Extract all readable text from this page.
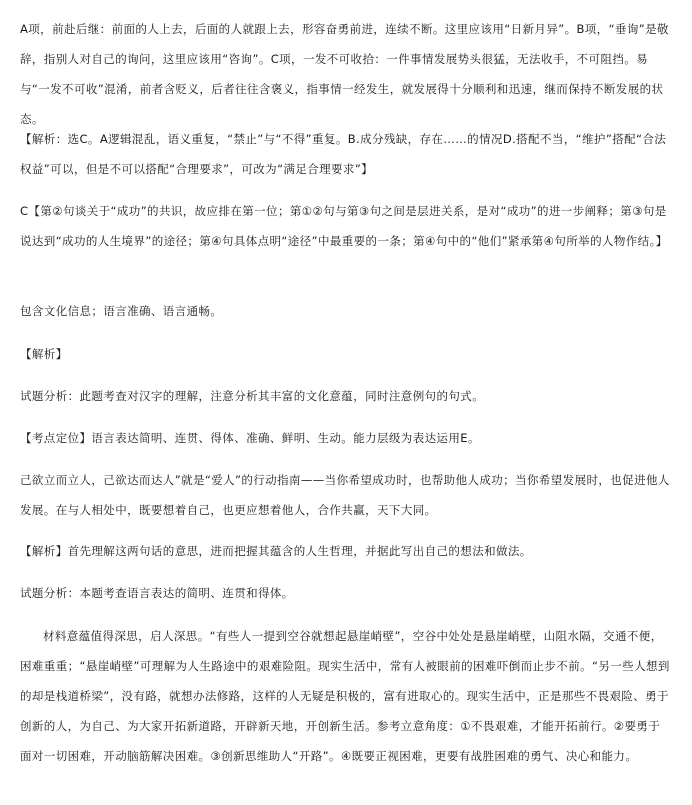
A项，前赴后继：前面的人上去，后面的人就跟上去，形容奋勇前进，连续不断。这里应该用“日新月异”。B项，“垂询”是敬辞，指别人对自己的询问，这里应该用“咨询”。C项，一发不可收拾：一件事情发展势头很猛，无法收手，不可阻挡。易与“一发不可收”混淆，前者含贬义，后者往往含褒义，指事情一经发生，就发展得十分顺利和迅速，继而保持不断发展的状态。
【解析：选C。A逻辑混乱，语义重复，“禁止”与“不得”重复。B.成分残缺，存在……的情况D.搭配不当，“维护”搭配“合法权益”可以，但是不可以搭配“合理要求”，可改为“满足合理要求”】
C【第②句谈关于“成功”的共识，故应排在第一位；第①②句与第③句之间是层进关系，是对“成功”的进一步阐释；第③句是说达到“成功的人生境界”的途径；第④句具体点明“途径”中最重要的一条；第④句中的“他们”紧承第④句所举的人物作结。】
包含文化信息；语言准确、语言通畅。
【解析】
试题分析：此题考查对汉字的理解，注意分析其丰富的文化意蕴，同时注意例句的句式。
【考点定位】语言表达简明、连贯、得体、准确、鲜明、生动。能力层级为表达运用E。
己欲立而立人，己欲达而达人”就是“爱人”的行动指南——当你希望成功时，也帮助他人成功；当你希望发展时，也促进他人发展。在与人相处中，既要想着自己，也更应想着他人，合作共赢，天下大同。
【解析】首先理解这两句话的意思，进而把握其蕴含的人生哲理，并据此写出自己的想法和做法。
试题分析：本题考查语言表达的简明、连贯和得体。
材料意蕴值得深思，启人深思。“有些人一提到空谷就想起悬崖峭壁”，空谷中处处是悬崖峭壁，山阻水隔，交通不便，困难重重；“悬崖峭壁”可理解为人生路途中的艰难险阻。现实生活中，常有人被眼前的困难吓倒而止步不前。“另一些人想到的却是栈道桥梁”，没有路，就想办法修路，这样的人无疑是积极的，富有进取心的。现实生活中，正是那些不畏艰险、勇于创新的人，为自己、为大家开拓新道路，开辟新天地，开创新生活。参考立意角度：①不畏艰难，才能开拓前行。②要勇于面对一切困难，开动脑筋解决困难。③创新思维助人“开路”。④既要正视困难，更要有战胜困难的勇气、决心和能力。
